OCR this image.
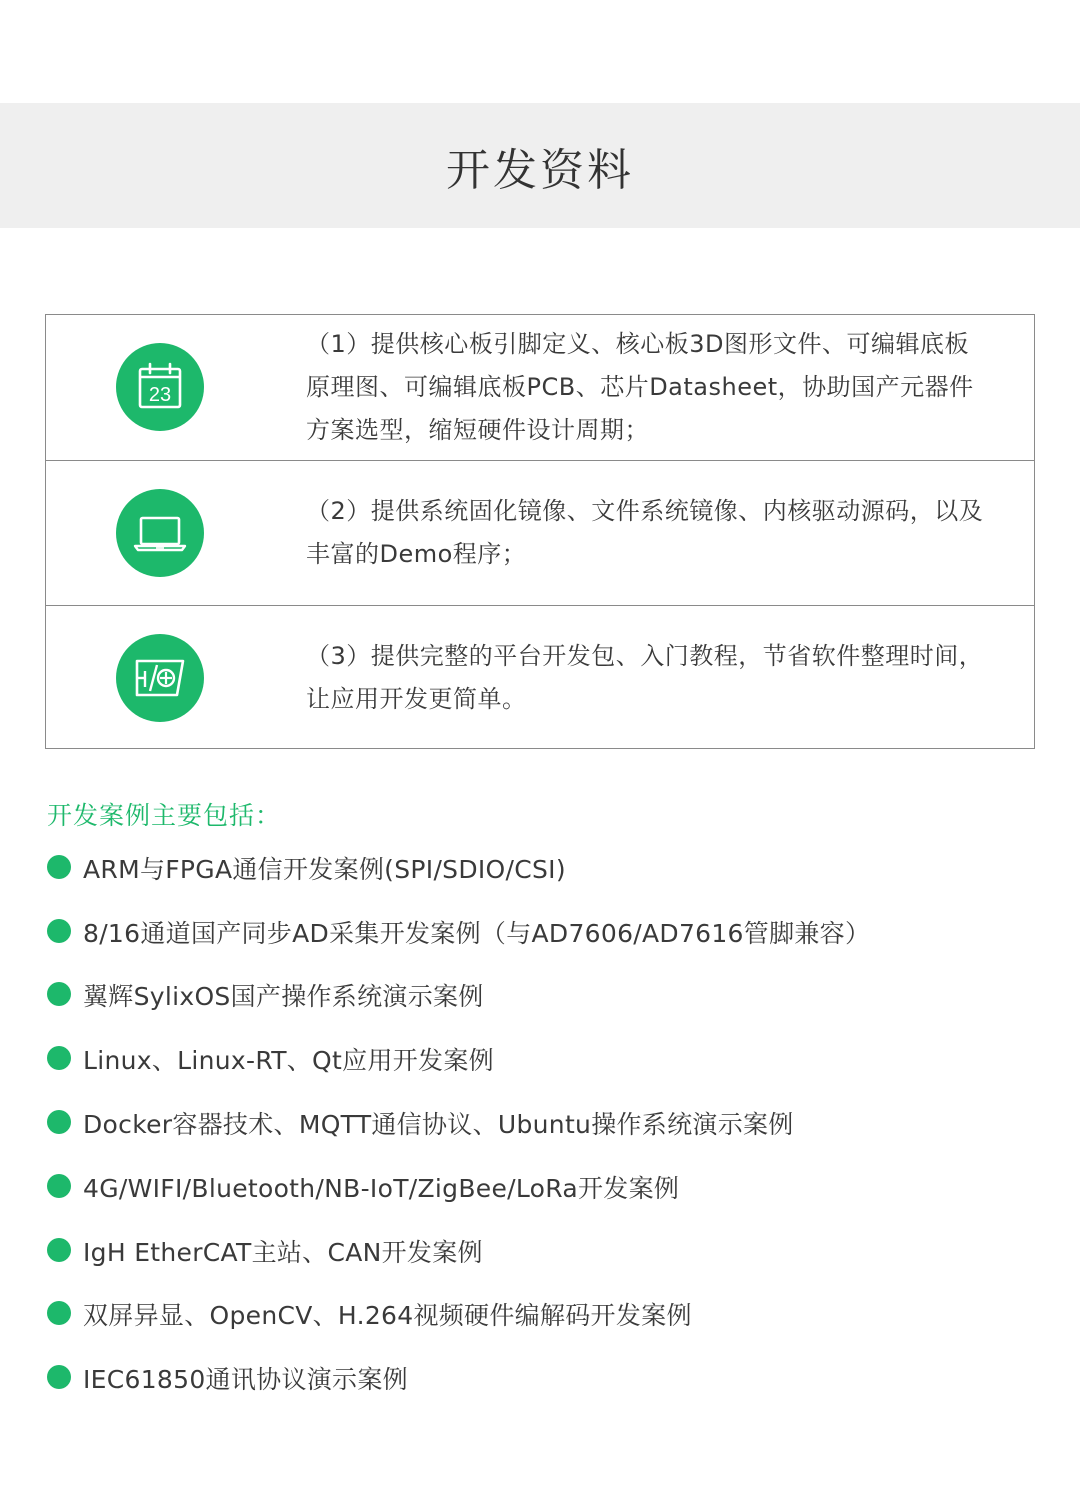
开发资料
23
（1）提供核心板引脚定义、核心板3D图形文件、可编辑底板原理图、可编辑底板PCB、芯片Datasheet，协助国产元器件方案选型，缩短硬件设计周期；
（2）提供系统固化镜像、文件系统镜像、内核驱动源码，以及丰富的Demo程序；
（3）提供完整的平台开发包、入门教程，节省软件整理时间，让应用开发更简单。
开发案例主要包括：
ARM与FPGA通信开发案例(SPI/SDIO/CSI)
8/16通道国产同步AD采集开发案例（与AD7606/AD7616管脚兼容）
翼辉SylixOS国产操作系统演示案例
Linux、Linux-RT、Qt应用开发案例
Docker容器技术、MQTT通信协议、Ubuntu操作系统演示案例
4G/WIFI/Bluetooth/NB-IoT/ZigBee/LoRa开发案例
IgH EtherCAT主站、CAN开发案例
双屏异显、OpenCV、H.264视频硬件编解码开发案例
IEC61850通讯协议演示案例
